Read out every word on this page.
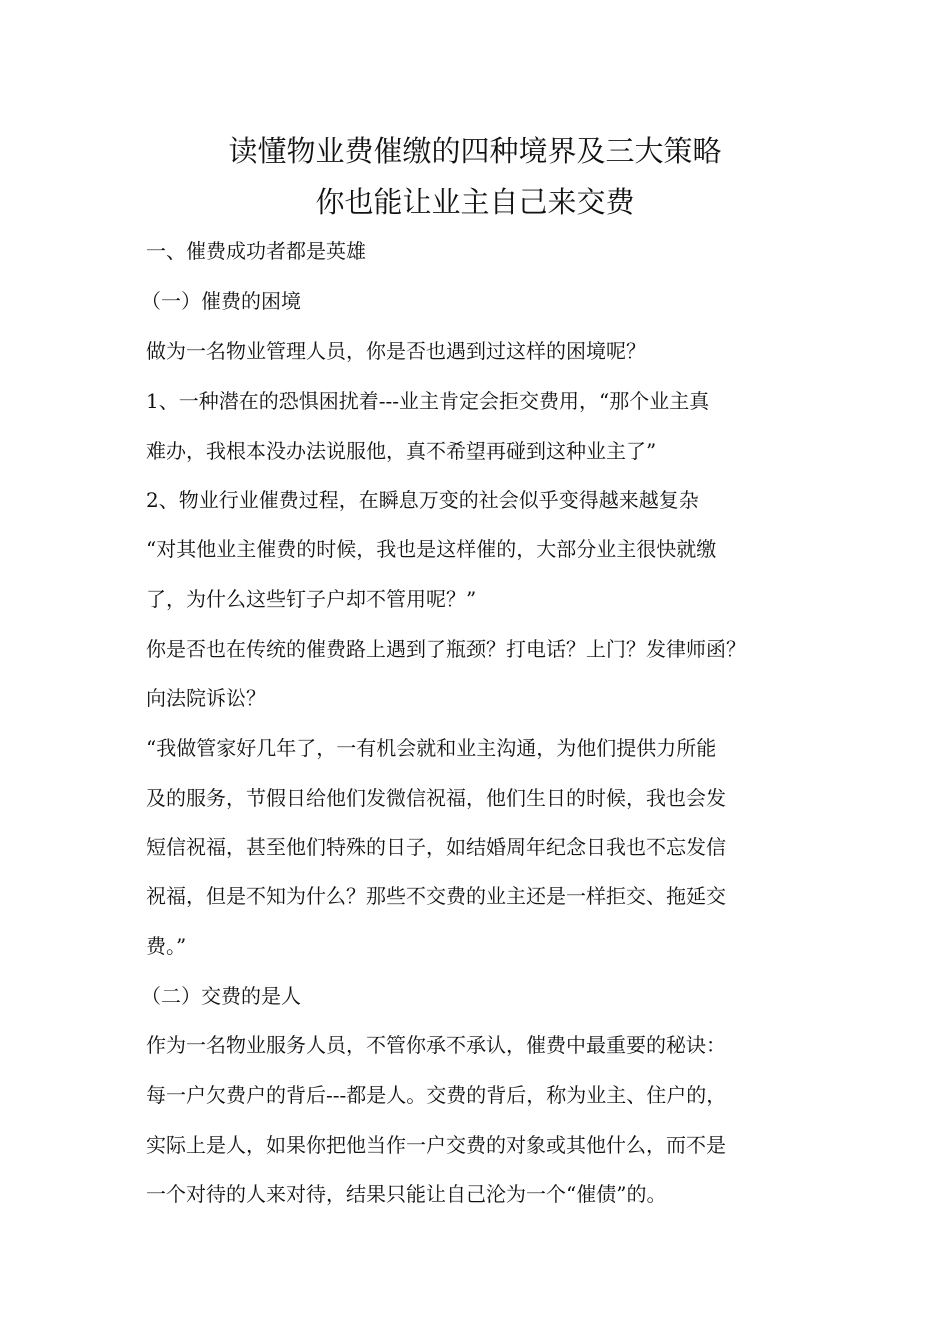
读懂物业费催缴的四种境界及三大策略
你也能让业主自己来交费
一、催费成功者都是英雄
（一）催费的困境
做为一名物业管理人员，你是否也遇到过这样的困境呢？
1、一种潜在的恐惧困扰着---业主肯定会拒交费用，“那个业主真
难办，我根本没办法说服他，真不希望再碰到这种业主了”
2、物业行业催费过程，在瞬息万变的社会似乎变得越来越复杂
“对其他业主催费的时候，我也是这样催的，大部分业主很快就缴
了，为什么这些钉子户却不管用呢？”
你是否也在传统的催费路上遇到了瓶颈？打电话？上门？发律师函？
向法院诉讼？
“我做管家好几年了，一有机会就和业主沟通，为他们提供力所能
及的服务，节假日给他们发微信祝福，他们生日的时候，我也会发
短信祝福，甚至他们特殊的日子，如结婚周年纪念日我也不忘发信
祝福，但是不知为什么？那些不交费的业主还是一样拒交、拖延交
费。”
（二）交费的是人
作为一名物业服务人员，不管你承不承认，催费中最重要的秘诀：
每一户欠费户的背后---都是人。交费的背后，称为业主、住户的，
实际上是人，如果你把他当作一户交费的对象或其他什么，而不是
一个对待的人来对待，结果只能让自己沦为一个“催债”的。
